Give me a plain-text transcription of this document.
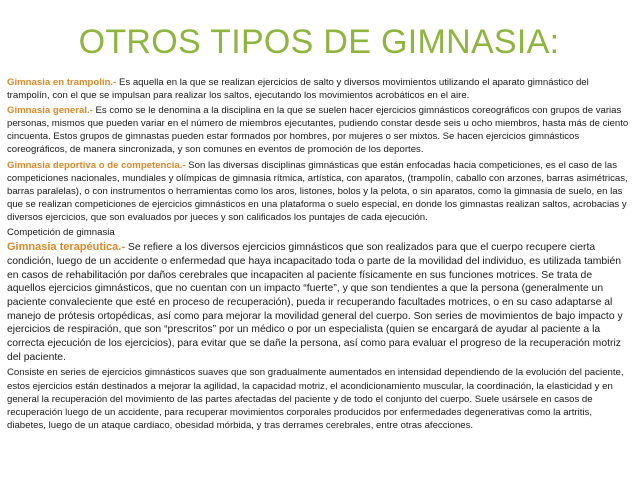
OTROS TIPOS DE GIMNASIA:

Gimnasia en trampolín.- Es aquella en la que se realizan ejercicios de salto y diversos movimientos utilizando el aparato gimnástico del trampolín, con el que se impulsan para realizar los saltos, ejecutando los movimientos acrobáticos en el aire.

Gimnasia general.- Es como se le denomina a la disciplina en la que se suelen hacer ejercicios gimnásticos coreográficos con grupos de varias personas, mismos que pueden variar en el número de miembros ejecutantes, pudiendo constar desde seis u ocho miembros, hasta más de ciento cincuenta. Estos grupos de gimnastas pueden estar formados por hombres, por mujeres o ser mixtos. Se hacen ejercicios gimnásticos coreográficos, de manera sincronizada, y son comunes en eventos de promoción de los deportes.

Gimnasia deportiva o de competencia.- Son las diversas disciplinas gimnásticas que están enfocadas hacia competiciones, es el caso de las competiciones nacionales, mundiales y olímpicas de gimnasia rítmica, artística, con aparatos, (trampolín, caballo con arzones, barras asimétricas, barras paralelas), o con instrumentos o herramientas como los aros, listones, bolos y la pelota, o sin aparatos, como la gimnasia de suelo, en las que se realizan competiciones de ejercicios gimnásticos en una plataforma o suelo especial, en donde los gimnastas realizan saltos, acrobacias y diversos ejercicios, que son evaluados por jueces y son calificados los puntajes de cada ejecución.

Competición de gimnasia

Gimnasia terapéutica.- Se refiere a los diversos ejercicios gimnásticos que son realizados para que el cuerpo recupere cierta condición, luego de un accidente o enfermedad que haya incapacitado toda o parte de la movilidad del individuo, es utilizada también en casos de rehabilitación por daños cerebrales que incapaciten al paciente físicamente en sus funciones motrices. Se trata de aquellos ejercicios gimnásticos, que no cuentan con un impacto “fuerte”, y que son tendientes a que la persona (generalmente un paciente convaleciente que esté en proceso de recuperación), pueda ir recuperando facultades motrices, o en su caso adaptarse al manejo de prótesis ortopédicas, así como para mejorar la movilidad general del cuerpo. Son series de movimientos de bajo impacto y ejercicios de respiración, que son “prescritos” por un médico o por un especialista (quien se encargará de ayudar al paciente a la correcta ejecución de los ejercicios), para evitar que se dañe la persona, así como para evaluar el progreso de la recuperación motriz del paciente.

Consiste en series de ejercicios gimnásticos suaves que son gradualmente aumentados en intensidad dependiendo de la evolución del paciente, estos ejercicios están destinados a mejorar la agilidad, la capacidad motriz, el acondicionamiento muscular, la coordinación, la elasticidad y en general la recuperación del movimiento de las partes afectadas del paciente y de todo el conjunto del cuerpo. Suele usársele en casos de recuperación luego de un accidente, para recuperar movimientos corporales producidos por enfermedades degenerativas como la artritis, diabetes, luego de un ataque cardiaco, obesidad mórbida, y tras derrames cerebrales, entre otras afecciones.
